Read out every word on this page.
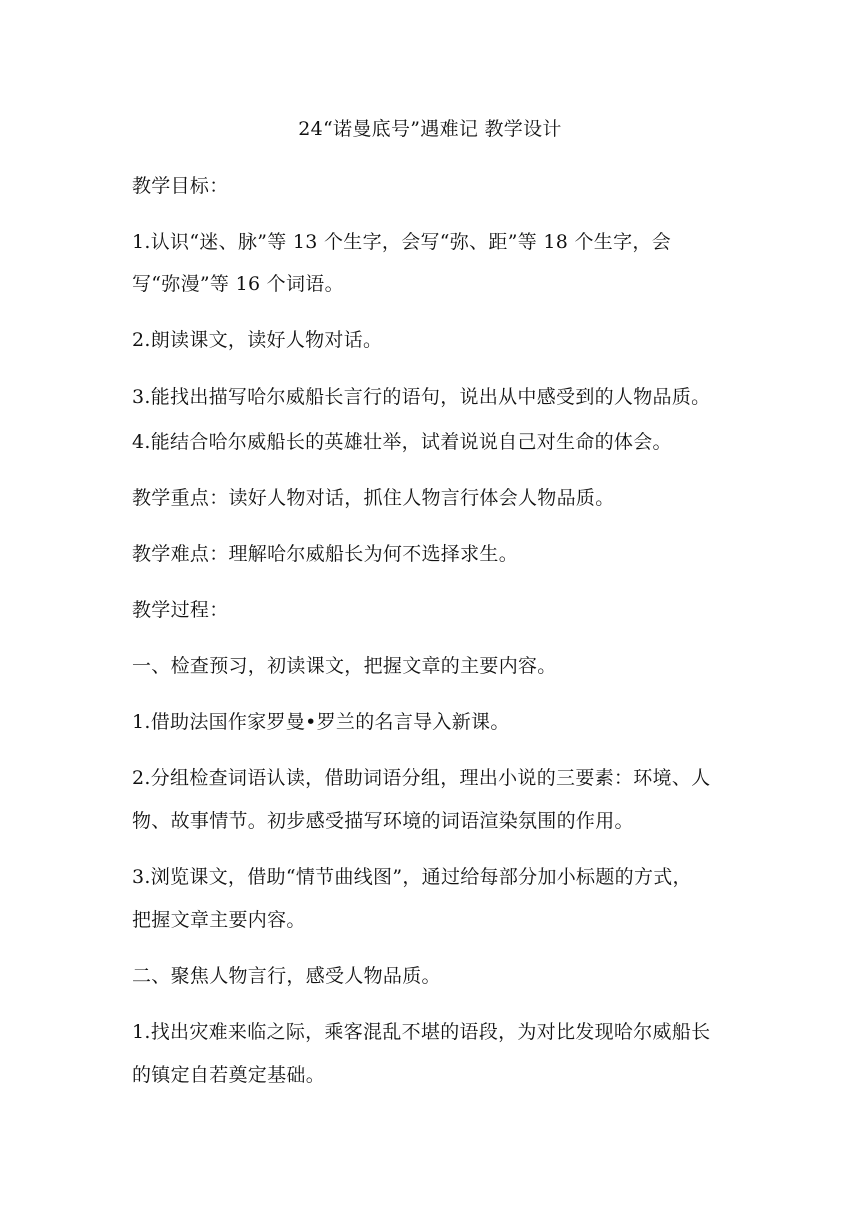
24“诺曼底号”遇难记 教学设计
教学目标：
1.认识“迷、脉”等 13 个生字，会写“弥、距”等 18 个生字，会
写“弥漫”等 16 个词语。
2.朗读课文，读好人物对话。
3.能找出描写哈尔威船长言行的语句，说出从中感受到的人物品质。
4.能结合哈尔威船长的英雄壮举，试着说说自己对生命的体会。
教学重点：读好人物对话，抓住人物言行体会人物品质。
教学难点：理解哈尔威船长为何不选择求生。
教学过程：
一、检查预习，初读课文，把握文章的主要内容。
1.借助法国作家罗曼•罗兰的名言导入新课。
2.分组检查词语认读，借助词语分组，理出小说的三要素：环境、人
物、故事情节。初步感受描写环境的词语渲染氛围的作用。
3.浏览课文，借助“情节曲线图”，通过给每部分加小标题的方式，
把握文章主要内容。
二、聚焦人物言行，感受人物品质。
1.找出灾难来临之际，乘客混乱不堪的语段，为对比发现哈尔威船长
的镇定自若奠定基础。
